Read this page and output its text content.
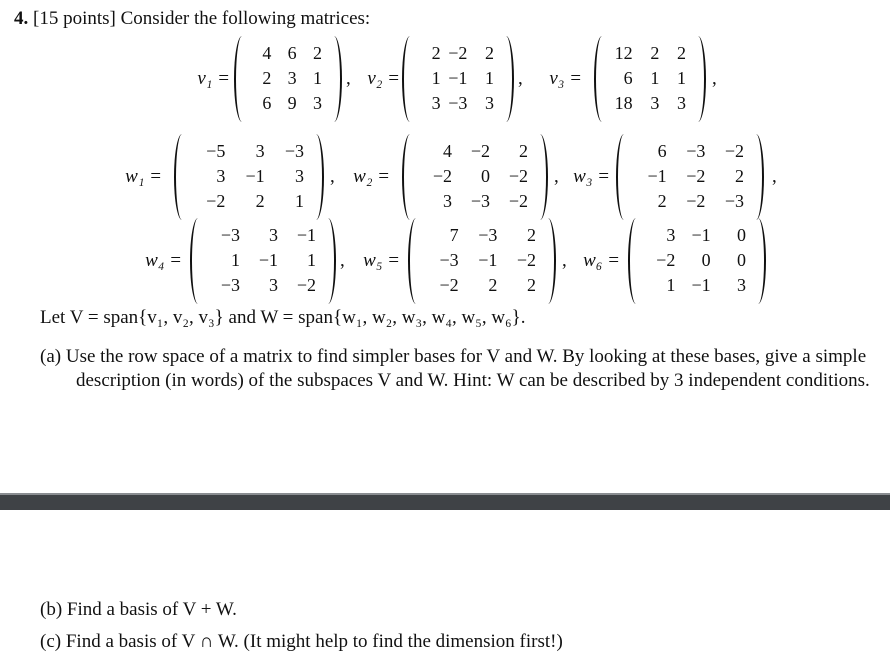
4. [15 points] Consider the following matrices:
v₁ =
4 6 2
2 3 1
6 9 3
, v₂ =
2 −2 2
1 −1 1
3 −3 3
,	v₃ =
12 2 2
6 1 1
18 3 3
,
w₁ =
−5	3	−3
3	−1	3
−2	2	1
, w₂ =
4	−2	2
−2	0	−2
3	−3	−2
, w₃ =
6	−3	−2
−1	−2	2
2	−2	−3
,
w₄ =
−3	3	−1
1	−1	1
−3	3	−2
, w₅ =
7	−3	2
−3	−1	−2
−2	2	2
, w₆ =
3 −1	0
−2	0	0
1 −1	3
Let V = span{v₁, v₂, v₃} and W = span{w₁, w₂, w₃, w₄, w₅, w₆}.
(a) Use the row space of a matrix to find simpler bases for V and W. By looking at these bases, give a simple description (in words) of the subspaces V and W. Hint: W can be described by 3 independent conditions.
(b) Find a basis of V + W.
(c) Find a basis of V ∩ W. (It might help to find the dimension first!)
